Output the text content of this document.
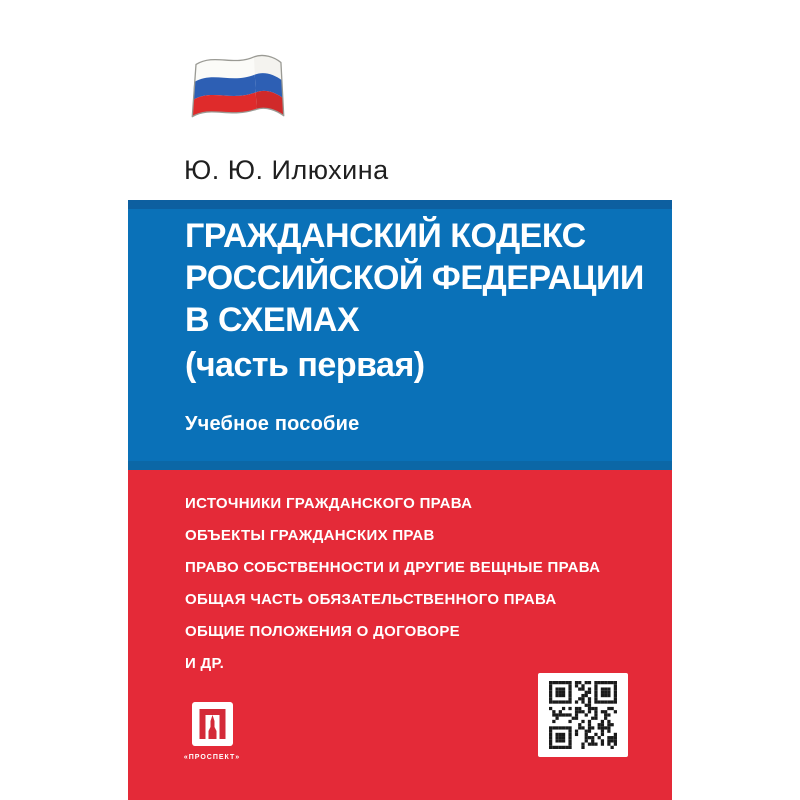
Ю. Ю. Илюхина
ГРАЖДАНСКИЙ КОДЕКС
РОССИЙСКОЙ ФЕДЕРАЦИИ
В СХЕМАХ
(часть первая)
Учебное пособие
ИСТОЧНИКИ ГРАЖДАНСКОГО ПРАВА
ОБЪЕКТЫ ГРАЖДАНСКИХ ПРАВ
ПРАВО СОБСТВЕННОСТИ И ДРУГИЕ ВЕЩНЫЕ ПРАВА
ОБЩАЯ ЧАСТЬ ОБЯЗАТЕЛЬСТВЕННОГО ПРАВА
ОБЩИЕ ПОЛОЖЕНИЯ О ДОГОВОРЕ
И ДР.
«ПРОСПЕКТ»
